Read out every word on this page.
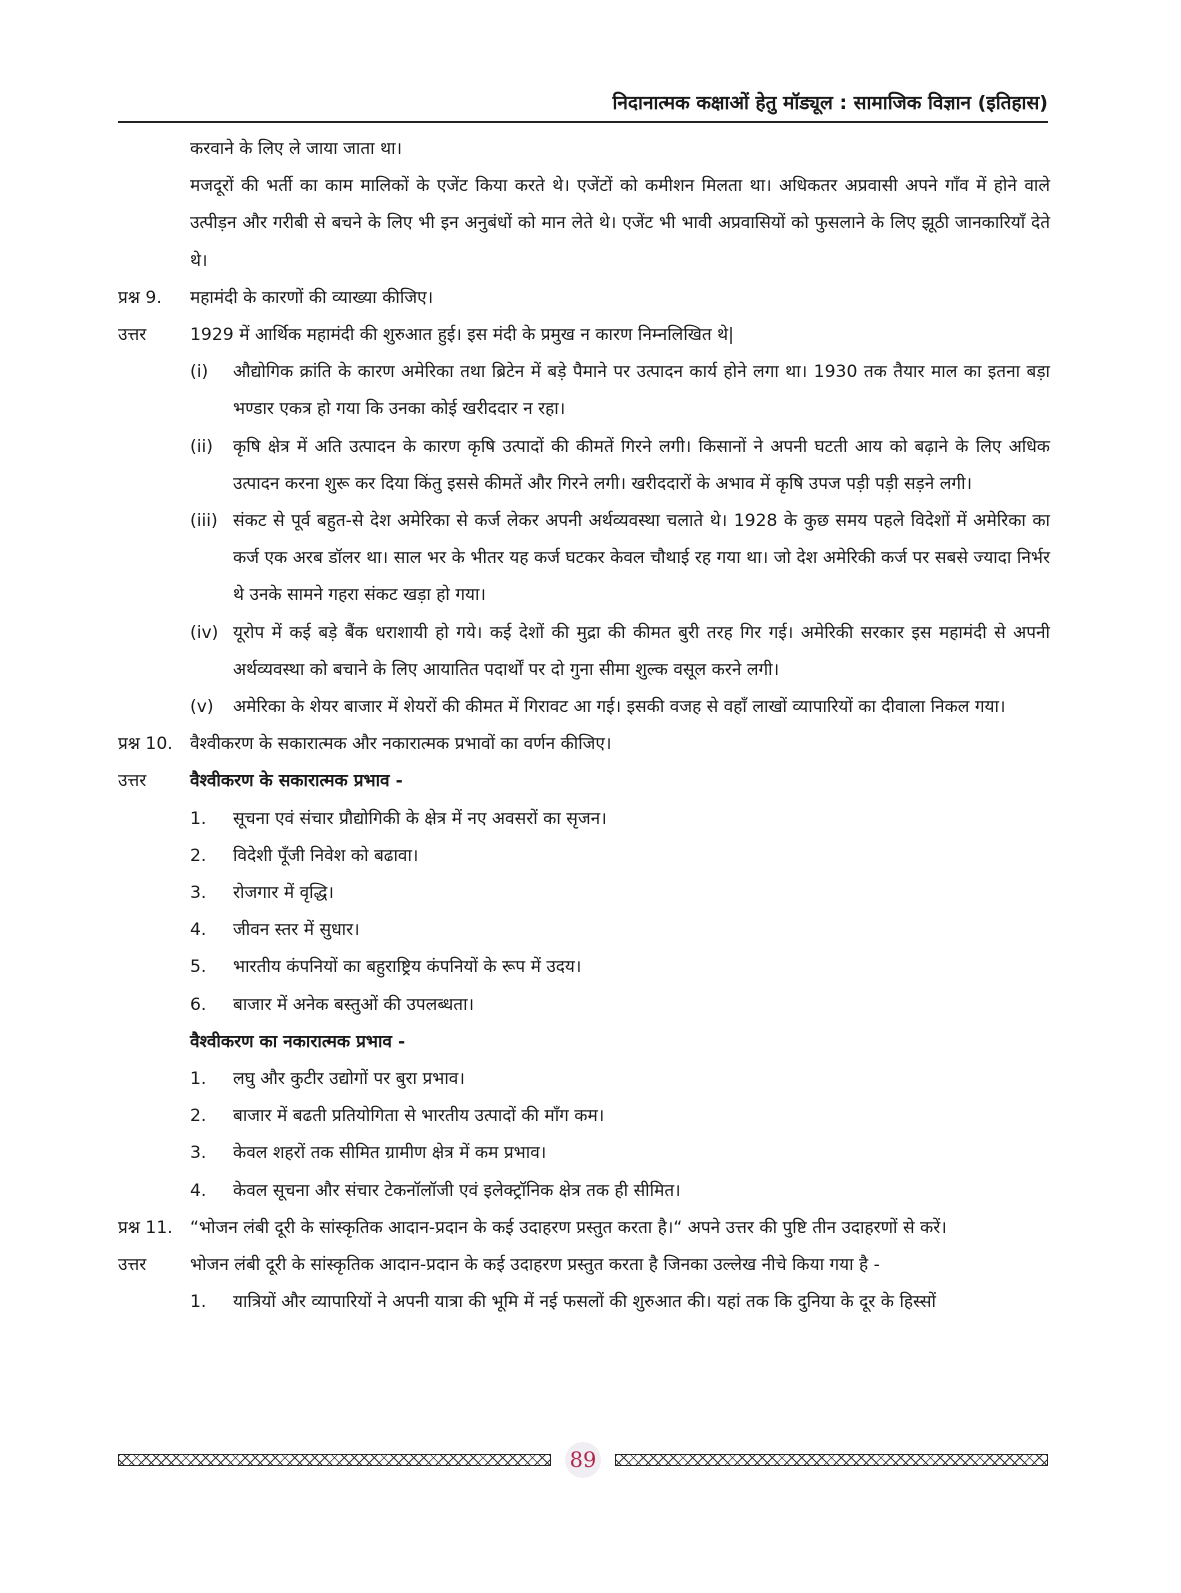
निदानात्मक कक्षाओं हेतु मॉड्यूल : सामाजिक विज्ञान (इतिहास)
करवाने के लिए ले जाया जाता था।
मजदूरों की भर्ती का काम मालिकों के एजेंट किया करते थे। एजेंटों को कमीशन मिलता था। अधिकतर अप्रवासी अपने गाँव में होने वाले उत्पीड़न और गरीबी से बचने के लिए भी इन अनुबंधों को मान लेते थे। एजेंट भी भावी अप्रवासियों को फुसलाने के लिए झूठी जानकारियाँ देते थे।
प्रश्न 9. महामंदी के कारणों की व्याख्या कीजिए।
उत्तर	1929 में आर्थिक महामंदी की शुरुआत हुई। इस मंदी के प्रमुख न कारण निम्नलिखित थे|
(i) औद्योगिक क्रांति के कारण अमेरिका तथा ब्रिटेन में बड़े पैमाने पर उत्पादन कार्य होने लगा था। 1930 तक तैयार माल का इतना बड़ा भण्डार एकत्र हो गया कि उनका कोई खरीददार न रहा।
(ii) कृषि क्षेत्र में अति उत्पादन के कारण कृषि उत्पादों की कीमतें गिरने लगी। किसानों ने अपनी घटती आय को बढ़ाने के लिए अधिक उत्पादन करना शुरू कर दिया किंतु इससे कीमतें और गिरने लगी। खरीददारों के अभाव में कृषि उपज पड़ी पड़ी सड़ने लगी।
(iii) संकट से पूर्व बहुत-से देश अमेरिका से कर्ज लेकर अपनी अर्थव्यवस्था चलाते थे। 1928 के कुछ समय पहले विदेशों में अमेरिका का कर्ज एक अरब डॉलर था। साल भर के भीतर यह कर्ज घटकर केवल चौथाई रह गया था। जो देश अमेरिकी कर्ज पर सबसे ज्यादा निर्भर थे उनके सामने गहरा संकट खड़ा हो गया।
(iv) यूरोप में कई बड़े बैंक धराशायी हो गये। कई देशों की मुद्रा की कीमत बुरी तरह गिर गई। अमेरिकी सरकार इस महामंदी से अपनी अर्थव्यवस्था को बचाने के लिए आयातित पदार्थों पर दो गुना सीमा शुल्क वसूल करने लगी।
(v) अमेरिका के शेयर बाजार में शेयरों की कीमत में गिरावट आ गई। इसकी वजह से वहाँ लाखों व्यापारियों का दीवाला निकल गया।
प्रश्न 10. वैश्वीकरण के सकारात्मक और नकारात्मक प्रभावों का वर्णन कीजिए।
उत्तर	वैश्वीकरण के सकारात्मक प्रभाव -
1. सूचना एवं संचार प्रौद्योगिकी के क्षेत्र में नए अवसरों का सृजन।
2. विदेशी पूँजी निवेश को बढावा।
3. रोजगार में वृद्धि।
4. जीवन स्तर में सुधार।
5. भारतीय कंपनियों का बहुराष्ट्रिय कंपनियों के रूप में उदय।
6. बाजार में अनेक बस्तुओं की उपलब्धता।
वैश्वीकरण का नकारात्मक प्रभाव -
1. लघु और कुटीर उद्योगों पर बुरा प्रभाव।
2. बाजार में बढती प्रतियोगिता से भारतीय उत्पादों की माँग कम।
3. केवल शहरों तक सीमित ग्रामीण क्षेत्र में कम प्रभाव।
4. केवल सूचना और संचार टेकनॉलॉजी एवं इलेक्ट्रॉनिक क्षेत्र तक ही सीमित।
प्रश्न 11. “भोजन लंबी दूरी के सांस्कृतिक आदान-प्रदान के कई उदाहरण प्रस्तुत करता है।“ अपने उत्तर की पुष्टि तीन उदाहरणों से करें।
उत्तर	भोजन लंबी दूरी के सांस्कृतिक आदान-प्रदान के कई उदाहरण प्रस्तुत करता है जिनका उल्लेख नीचे किया गया है -
1. यात्रियों और व्यापारियों ने अपनी यात्रा की भूमि में नई फसलों की शुरुआत की। यहां तक कि दुनिया के दूर के हिस्सों
89
